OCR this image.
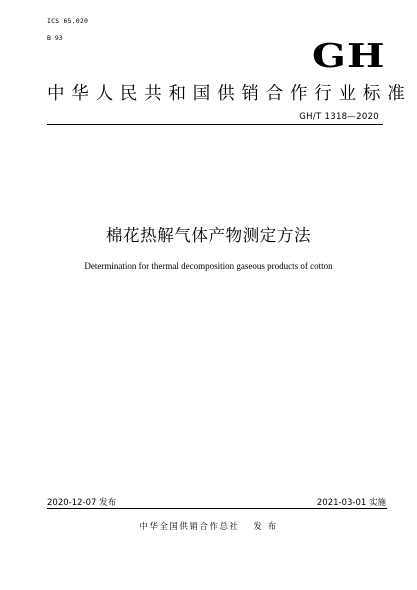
ICS 65.020
B 93	GH
中华人民共和国供销合作行业标准
GH/T 1318—2020
棉花热解气体产物测定方法
Determination for thermal decomposition gaseous products of cotton
2020-12-07 发布	2021-03-01 实施
中华全国供销合作总社 发 布
